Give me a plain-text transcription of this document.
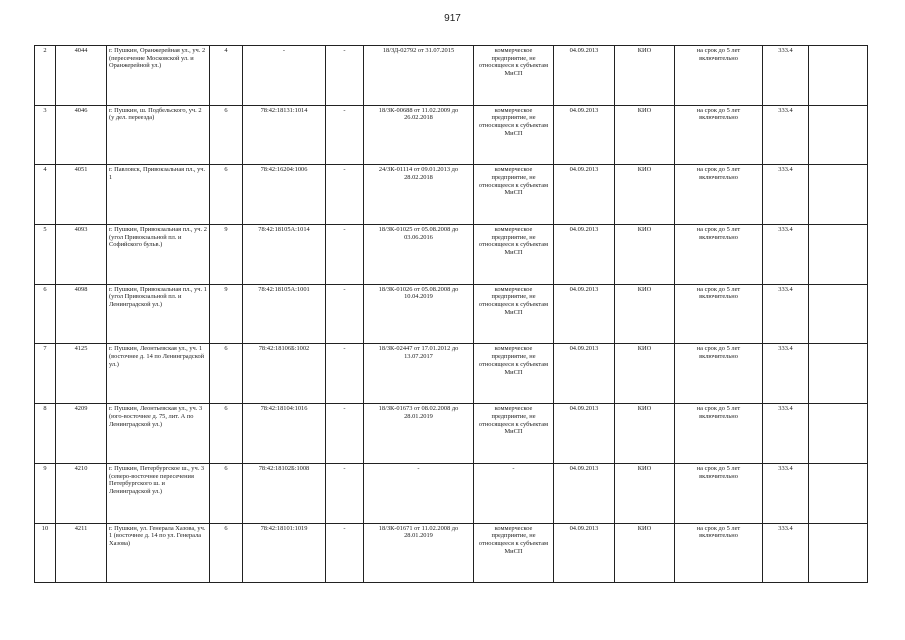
917
2	4044	г. Пушкин, Оранжерейная ул., уч. 2 (пересечение Московской ул. и Оранжерейной ул.)	4	-	-	18/ЗД-02792 от 31.07.2015	коммерческое предприятие, не относящееся к субъектам МиСП	04.09.2013	КИО	на срок до 5 лет включительно	333.4	
3	4046	г. Пушкин, ш. Подбельского, уч. 2 (у дел. переезда)	6	78:42:18131:1014	-	18/ЗК-00688 от 11.02.2009 до 26.02.2018	коммерческое предприятие, не относящееся к субъектам МиСП	04.09.2013	КИО	на срок до 5 лет включительно	333.4	
4	4051	г. Павловск, Привокзальная пл., уч. 1	6	78:42:16204:1006	-	24/ЗК-01114 от 09.01.2013 до 28.02.2018	коммерческое предприятие, не относящееся к субъектам МиСП	04.09.2013	КИО	на срок до 5 лет включительно	333.4	
5	4093	г. Пушкин, Привокзальная пл., уч. 2 (угол Привокзальной пл. и Софийского бульв.)	9	78:42:18105А:1014	-	18/ЗК-01025 от 05.08.2008 до 03.06.2016	коммерческое предприятие, не относящееся к субъектам МиСП	04.09.2013	КИО	на срок до 5 лет включительно	333.4	
6	4098	г. Пушкин, Привокзальная пл., уч. 1 (угол Привокзальной пл. и Ленинградской ул.)	9	78:42:18105А:1001	-	18/ЗК-01026 от 05.08.2008 до 10.04.2019	коммерческое предприятие, не относящееся к субъектам МиСП	04.09.2013	КИО	на срок до 5 лет включительно	333.4	
7	4125	г. Пушкин, Леонтьевская ул., уч. 1 (восточнее д. 14 по Ленинградской ул.)	6	78:42:18106Б:1002	-	18/ЗК-02447 от 17.01.2012 до 13.07.2017	коммерческое предприятие, не относящееся к субъектам МиСП	04.09.2013	КИО	на срок до 5 лет включительно	333.4	
8	4209	г. Пушкин, Леонтьевская ул., уч. 3 (юго-восточнее д. 75, лит. А по Ленинградской ул.)	6	78:42:18104:1016	-	18/ЗК-01673 от 08.02.2008 до 28.01.2019	коммерческое предприятие, не относящееся к субъектам МиСП	04.09.2013	КИО	на срок до 5 лет включительно	333.4	
9	4210	г. Пушкин, Петербургское ш., уч. 3 (северо-восточнее пересечения Петербургского ш. и Ленинградской ул.)	6	78:42:18102Б:1008	-	-	-	04.09.2013	КИО	на срок до 5 лет включительно	333.4	
10	4211	г. Пушкин, ул. Генерала Хазова, уч. 1 (восточнее д. 14 по ул. Генерала Хазова)	6	78:42:18101:1019	-	18/ЗК-01671 от 11.02.2008 до 28.01.2019	коммерческое предприятие, не относящееся к субъектам МиСП	04.09.2013	КИО	на срок до 5 лет включительно	333.4	
